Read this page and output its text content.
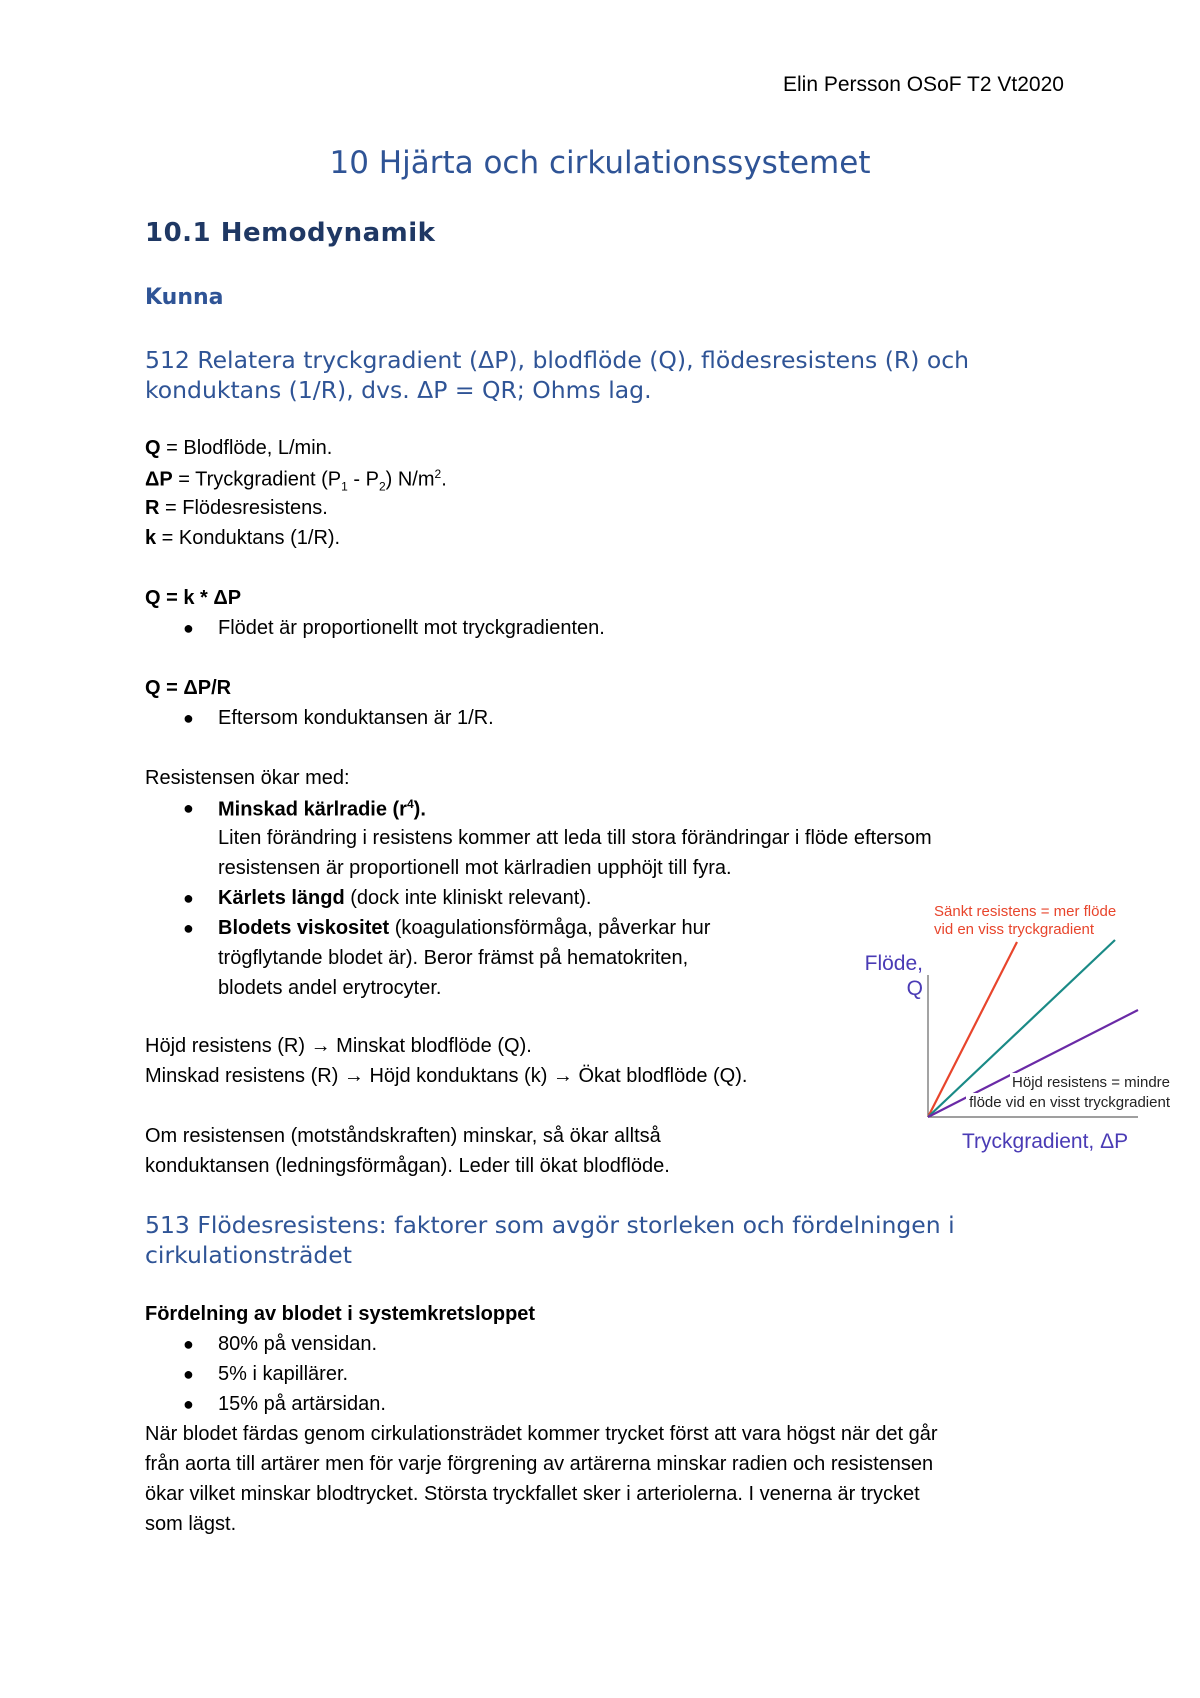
Elin Persson OSoF T2 Vt2020
10 Hjärta och cirkulationssystemet
10.1 Hemodynamik
Kunna
512 Relatera tryckgradient (ΔP), blodflöde (Q), flödesresistens (R) och
konduktans (1/R), dvs. ΔP = QR; Ohms lag.
Q = Blodflöde, L/min.
ΔP = Tryckgradient $(P_1 - P_2)$ $N/m^2$.
R = Flödesresistens.
k = Konduktans (1/R).
Q = k * ΔP
● Flödet är proportionellt mot tryckgradienten.
Q = ΔP/R
● Eftersom konduktansen är 1/R.
Resistensen ökar med:
● Minskad kärlradie $(r^4)$.
Liten förändring i resistens kommer att leda till stora förändringar i flöde eftersom
resistensen är proportionell mot kärlradien upphöjt till fyra.
● Kärlets längd (dock inte kliniskt relevant).
● Blodets viskositet (koagulationsförmåga, påverkar hur
trögflytande blodet är). Beror främst på hematokriten,
blodets andel erytrocyter.
Höjd resistens (R) → Minskat blodflöde (Q).
Minskad resistens (R) → Höjd konduktans (k) → Ökat blodflöde (Q).
Om resistensen (motståndskraften) minskar, så ökar alltså
konduktansen (ledningsförmågan). Leder till ökat blodflöde.
Sänkt resistens = mer flöde
vid en viss tryckgradient
Flöde,
Q
Höjd resistens = mindre
flöde vid en visst tryckgradient
Tryckgradient, ΔP
513 Flödesresistens: faktorer som avgör storleken och fördelningen i
cirkulationsträdet
Fördelning av blodet i systemkretsloppet
● 80% på vensidan.
● 5% i kapillärer.
● 15% på artärsidan.
När blodet färdas genom cirkulationsträdet kommer trycket först att vara högst när det går
från aorta till artärer men för varje förgrening av artärerna minskar radien och resistensen
ökar vilket minskar blodtrycket. Största tryckfallet sker i arteriolerna. I venerna är trycket
som lägst.
